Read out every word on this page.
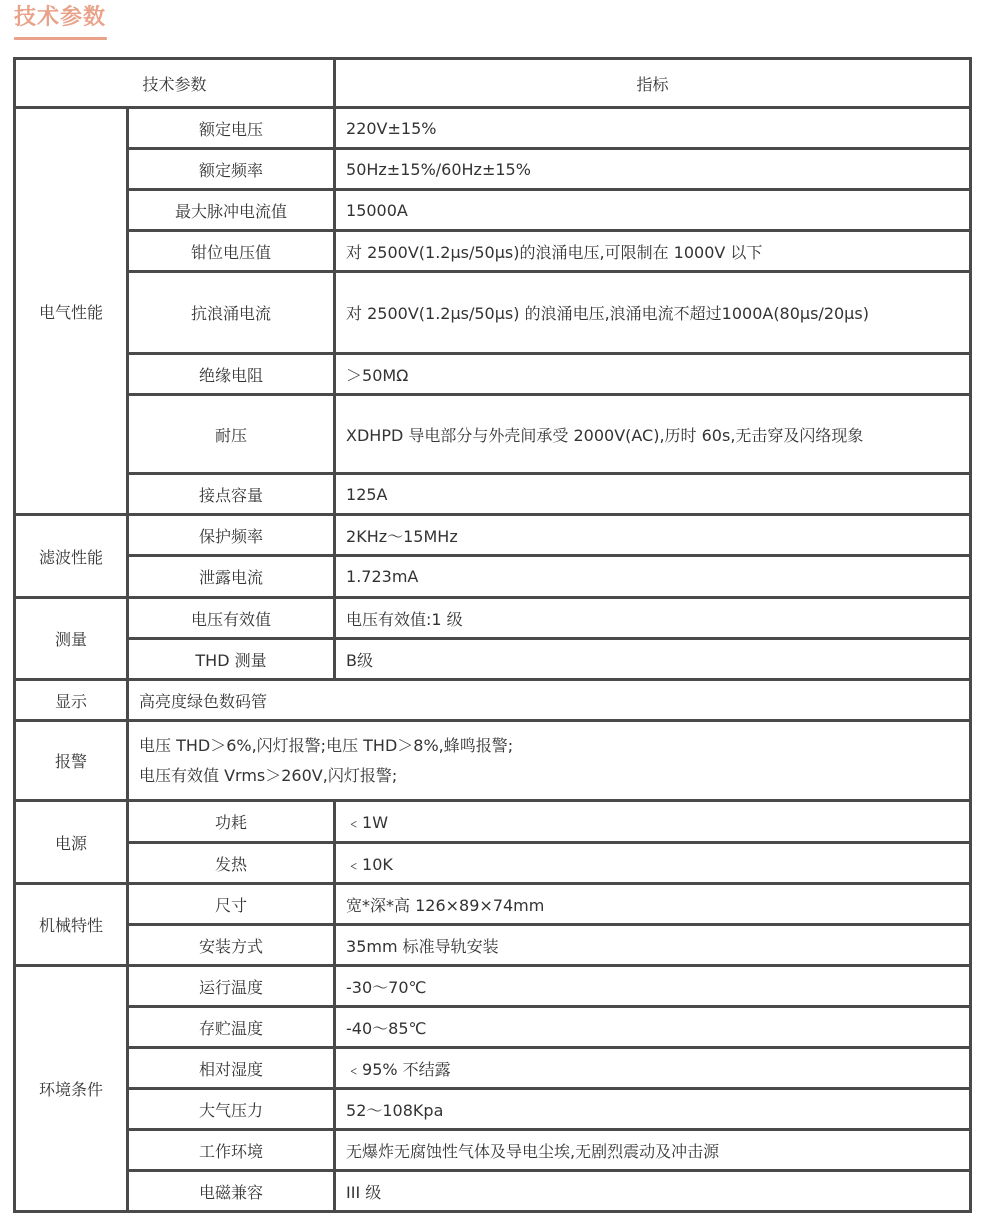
技术参数
技术参数		指标
电气性能	额定电压	220V±15%
	额定频率	50Hz±15%/60Hz±15%
	最大脉冲电流值	15000A
	钳位电压值	对 2500V(1.2μs/50μs)的浪涌电压,可限制在 1000V 以下
	抗浪涌电流	对 2500V(1.2μs/50μs) 的浪涌电压,浪涌电流不超过1000A(80μs/20μs)
	绝缘电阻	＞50MΩ
	耐压	XDHPD 导电部分与外壳间承受 2000V(AC),历时 60s,无击穿及闪络现象
	接点容量	125A
滤波性能	保护频率	2KHz～15MHz
	泄露电流	1.723mA
测量	电压有效值	电压有效值:1 级
	THD 测量	B级
显示	高亮度绿色数码管	
报警	电压 THD＞6%,闪灯报警;电压 THD＞8%,蜂鸣报警;
电压有效值 Vrms＞260V,闪灯报警;	

电源	功耗	﹤1W
	发热	﹤10K
机械特性	尺寸	宽*深*高 126×89×74mm
	安装方式	35mm 标准导轨安装
环境条件	运行温度	-30～70℃
	存贮温度	-40～85℃
	相对湿度	﹤95% 不结露
	大气压力	52～108Kpa
	工作环境	无爆炸无腐蚀性气体及导电尘埃,无剧烈震动及冲击源
	电磁兼容	III 级
